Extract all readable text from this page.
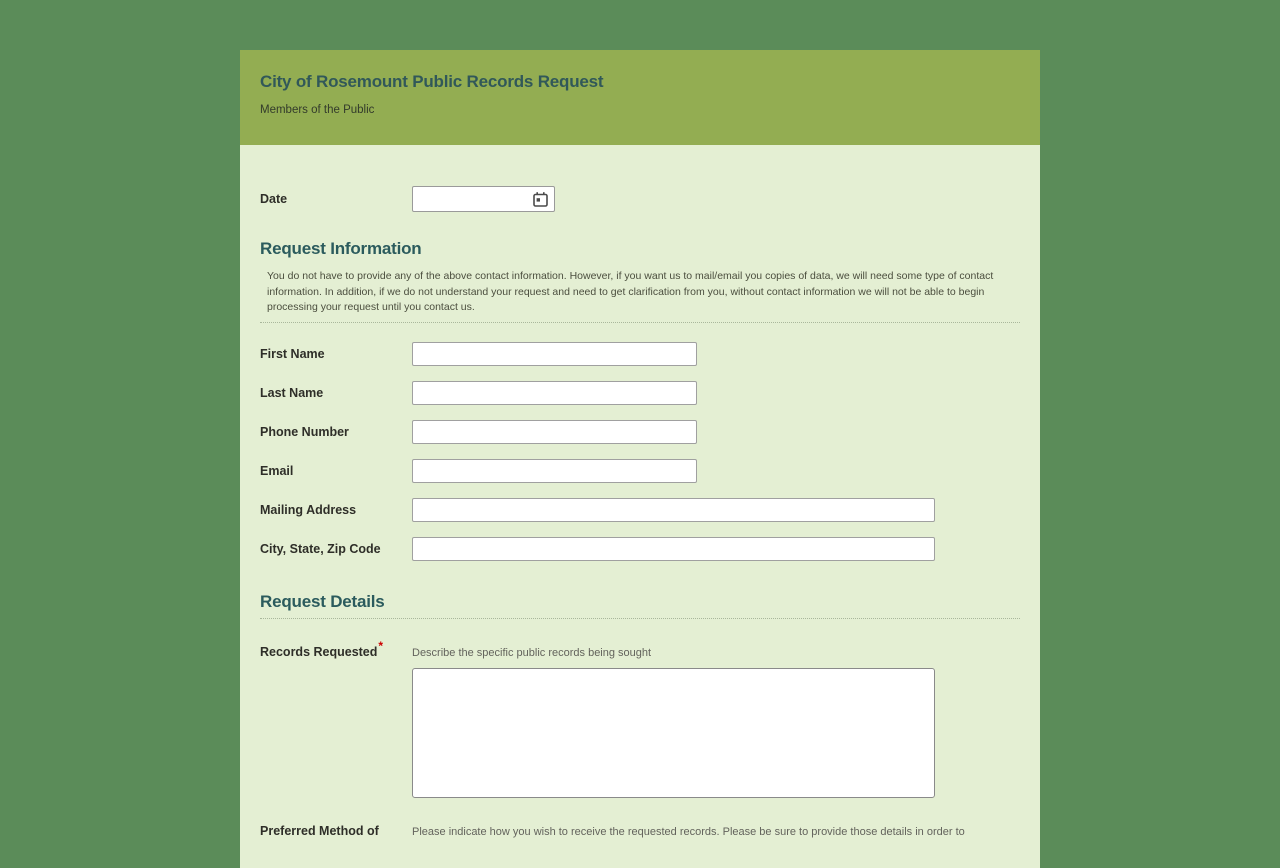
City of Rosemount Public Records Request
Members of the Public
Date
Request Information
You do not have to provide any of the above contact information. However, if you want us to mail/email you copies of data, we will need some type of contact information. In addition, if we do not understand your request and need to get clarification from you, without contact information we will not be able to begin processing your request until you contact us.
First Name
Last Name
Phone Number
Email
Mailing Address
City, State, Zip Code
Request Details
Records Requested*	Describe the specific public records being sought
Preferred Method of	Please indicate how you wish to receive the requested records. Please be sure to provide those details in order to
